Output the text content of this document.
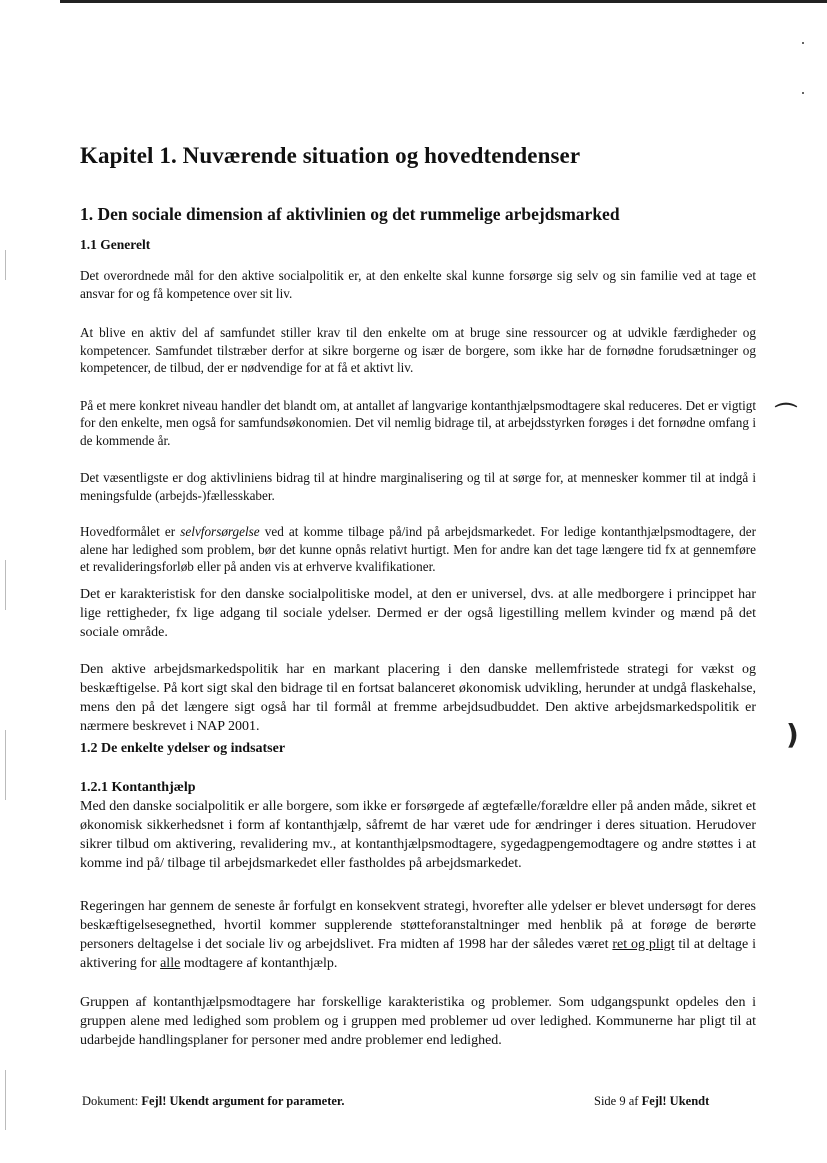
⌒
)
Kapitel 1. Nuværende situation og hovedtendenser
1. Den sociale dimension af aktivlinien og det rummelige arbejdsmarked
1.1 Generelt

Det overordnede mål for den aktive socialpolitik er, at den enkelte skal kunne forsørge sig selv og sin familie ved at tage et ansvar for og få kompetence over sit liv.

At blive en aktiv del af samfundet stiller krav til den enkelte om at bruge sine ressourcer og at udvikle færdigheder og kompetencer. Samfundet tilstræber derfor at sikre borgerne og især de borgere, som ikke har de fornødne forudsætninger og kompetencer, de tilbud, der er nødvendige for at få et aktivt liv.

På et mere konkret niveau handler det blandt om, at antallet af langvarige kontanthjælpsmodtagere skal reduceres. Det er vigtigt for den enkelte, men også for samfundsøkonomien. Det vil nemlig bidrage til, at arbejdsstyrken forøges i det fornødne omfang i de kommende år.

Det væsentligste er dog aktivliniens bidrag til at hindre marginalisering og til at sørge for, at mennesker kommer til at indgå i meningsfulde (arbejds-)fællesskaber.

Hovedformålet er selvforsørgelse ved at komme tilbage på/ind på arbejdsmarkedet. For ledige kontanthjælpsmodtagere, der alene har ledighed som problem, bør det kunne opnås relativt hurtigt. Men for andre kan det tage længere tid fx at gennemføre et revalideringsforløb eller på anden vis at erhverve kvalifikationer.

Det er karakteristisk for den danske socialpolitiske model, at den er universel, dvs. at alle medborgere i princippet har lige rettigheder, fx lige adgang til sociale ydelser. Dermed er der også ligestilling mellem kvinder og mænd på det sociale område.

Den aktive arbejdsmarkedspolitik har en markant placering i den danske mellemfristede strategi for vækst og beskæftigelse. På kort sigt skal den bidrage til en fortsat balanceret økonomisk udvikling, herunder at undgå flaskehalse, mens den på det længere sigt også har til formål at fremme arbejdsudbuddet. Den aktive arbejdsmarkedspolitik er nærmere beskrevet i NAP 2001.

1.2 De enkelte ydelser og indsatser
1.2.1 Kontanthjælp

Med den danske socialpolitik er alle borgere, som ikke er forsørgede af ægtefælle/forældre eller på anden måde, sikret et økonomisk sikkerhedsnet i form af kontanthjælp, såfremt de har været ude for ændringer i deres situation. Herudover sikrer tilbud om aktivering, revalidering mv., at kontanthjælpsmodtagere, sygedagpengemodtagere og andre støttes i at komme ind på/ tilbage til arbejdsmarkedet eller fastholdes på arbejdsmarkedet.

Regeringen har gennem de seneste år forfulgt en konsekvent strategi, hvorefter alle ydelser er blevet undersøgt for deres beskæftigelsesegnethed, hvortil kommer supplerende støtteforanstaltninger med henblik på at forøge de berørte personers deltagelse i det sociale liv og arbejdslivet. Fra midten af 1998 har der således været ret og pligt til at deltage i aktivering for alle modtagere af kontanthjælp.

Gruppen af kontanthjælpsmodtagere har forskellige karakteristika og problemer. Som udgangspunkt opdeles den i gruppen alene med ledighed som problem og i gruppen med problemer ud over ledighed. Kommunerne har pligt til at udarbejde handlingsplaner for personer med andre problemer end ledighed.

Dokument: Fejl! Ukendt argument for parameter.	Side 9 af Fejl! Ukendt
